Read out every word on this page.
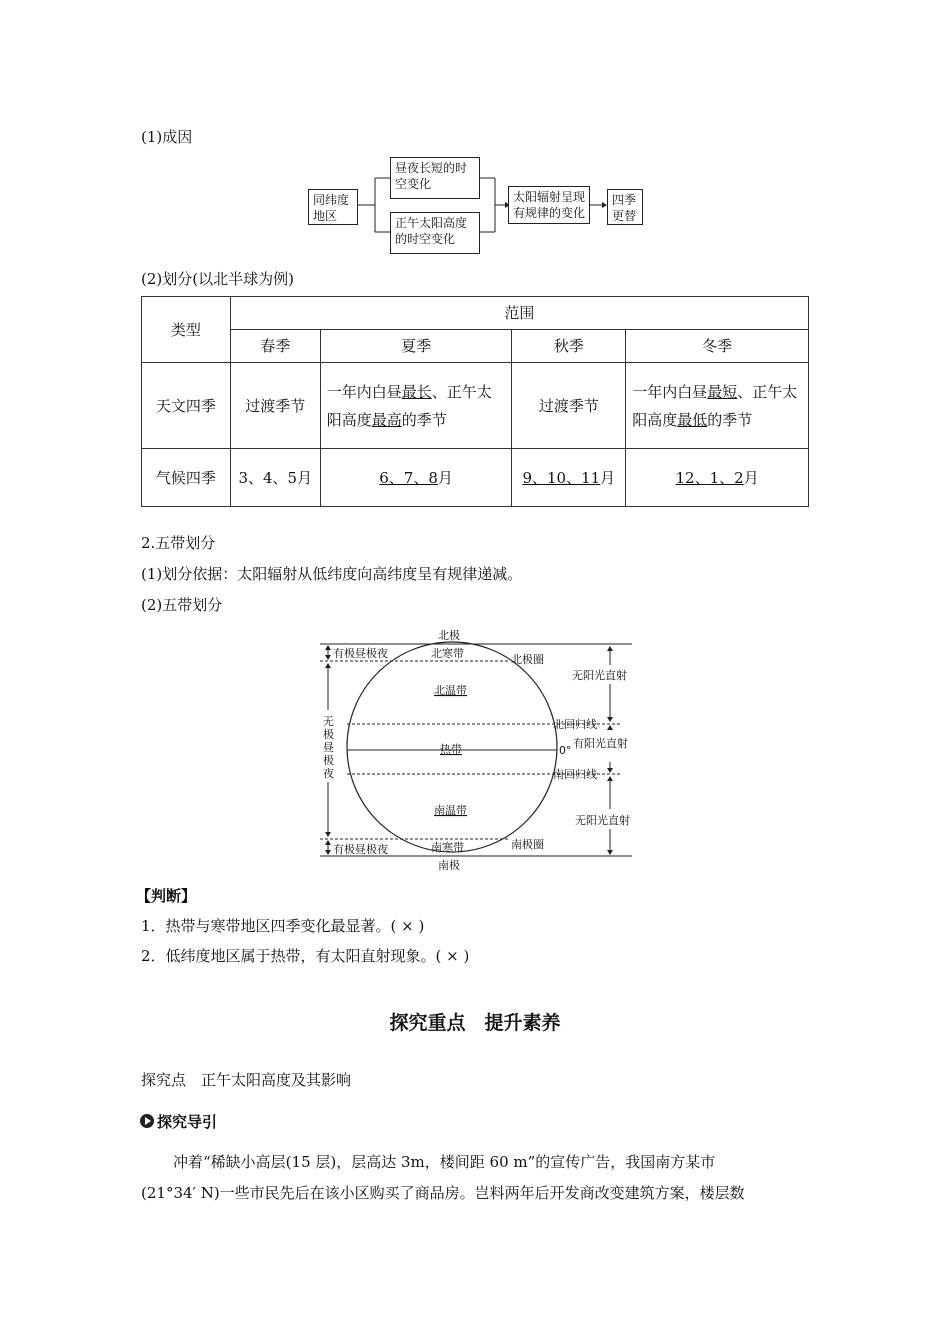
(1)成因
同纬度地区
昼夜长短的时空变化
正午太阳高度的时空变化
太阳辐射呈现有规律的变化
四季更替
(2)划分(以北半球为例)
类型	范围			
	春季	夏季	秋季	冬季
天文四季	过渡季节	一年内白昼最长、正午太阳高度最高的季节	过渡季节	一年内白昼最短、正午太阳高度最低的季节
气候四季	3、4、5月	6、7、8月	9、10、11月	12、1、2月
2.五带划分
(1)划分依据：太阳辐射从低纬度向高纬度呈有规律递减。
(2)五带划分
北极
南极
北寒带
南寒带
北温带
南温带
热带
北极圈
南极圈
北回归线
南回归线
0°
有极昼极夜
有极昼极夜
无阳光直射
有阳光直射
无阳光直射
无
极
昼
极
夜
【判断】
1．热带与寒带地区四季变化最显著。( × )
2．低纬度地区属于热带，有太阳直射现象。( × )
探究重点　提升素养
探究点　正午太阳高度及其影响
探究导引
冲着“稀缺小高层(15 层)，层高达 3m，楼间距 60 m”的宣传广告，我国南方某市
(21°34′ N)一些市民先后在该小区购买了商品房。岂料两年后开发商改变建筑方案，楼层数
